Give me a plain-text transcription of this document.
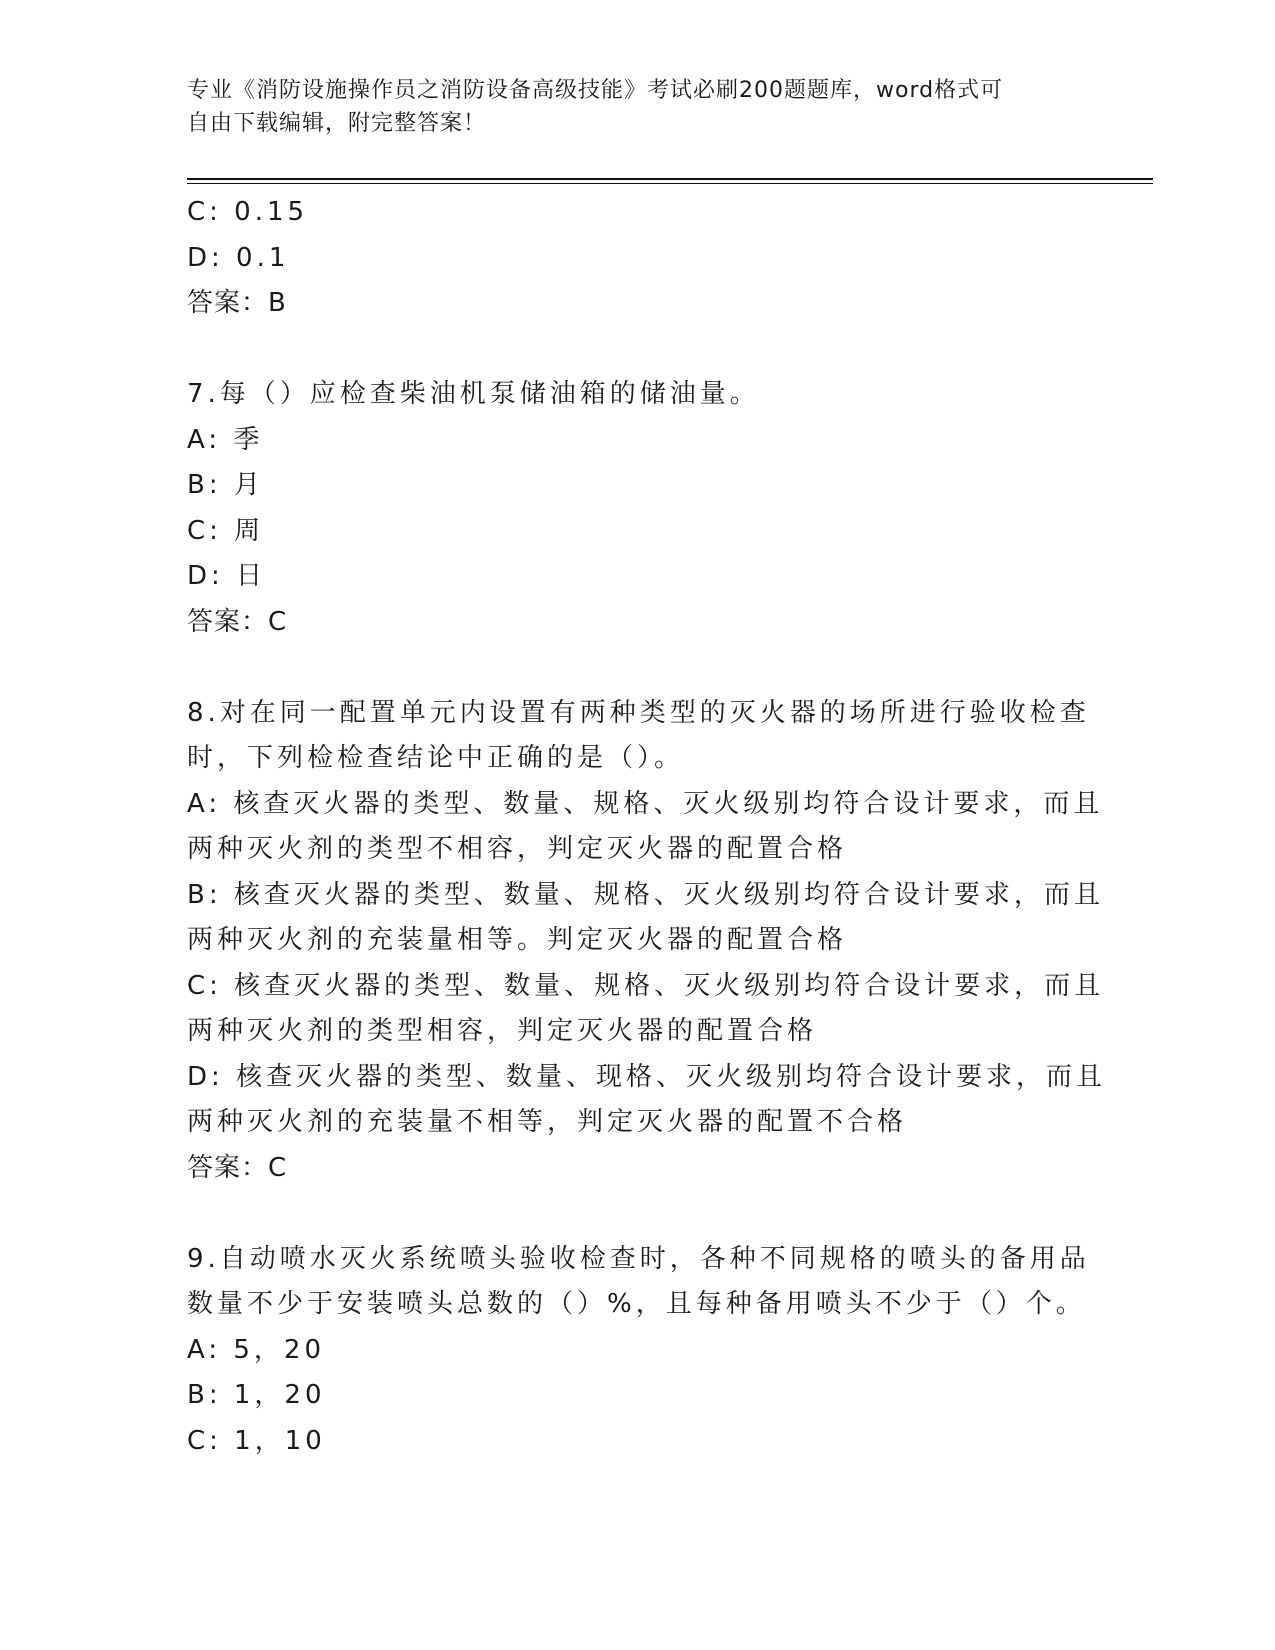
专业《消防设施操作员之消防设备高级技能》考试必刷200题题库，word格式可
自由下载编辑，附完整答案！
C: 0.15
D: 0.1
答案：B
7.每（）应检查柴油机泵储油箱的储油量。
A: 季
B: 月
C: 周
D: 日
答案：C
8.对在同一配置单元内设置有两种类型的灭火器的场所进行验收检查
时，下列检检查结论中正确的是（）。
A: 核查灭火器的类型、数量、规格、灭火级别均符合设计要求，而且
两种灭火剂的类型不相容，判定灭火器的配置合格
B: 核查灭火器的类型、数量、规格、灭火级别均符合设计要求，而且
两种灭火剂的充装量相等。判定灭火器的配置合格
C: 核查灭火器的类型、数量、规格、灭火级别均符合设计要求，而且
两种灭火剂的类型相容，判定灭火器的配置合格
D: 核查灭火器的类型、数量、现格、灭火级别均符合设计要求，而且
两种灭火剂的充装量不相等，判定灭火器的配置不合格
答案：C
9.自动喷水灭火系统喷头验收检查时，各种不同规格的喷头的备用品
数量不少于安装喷头总数的（）%，且每种备用喷头不少于（）个。
A: 5，20
B: 1，20
C: 1，10
